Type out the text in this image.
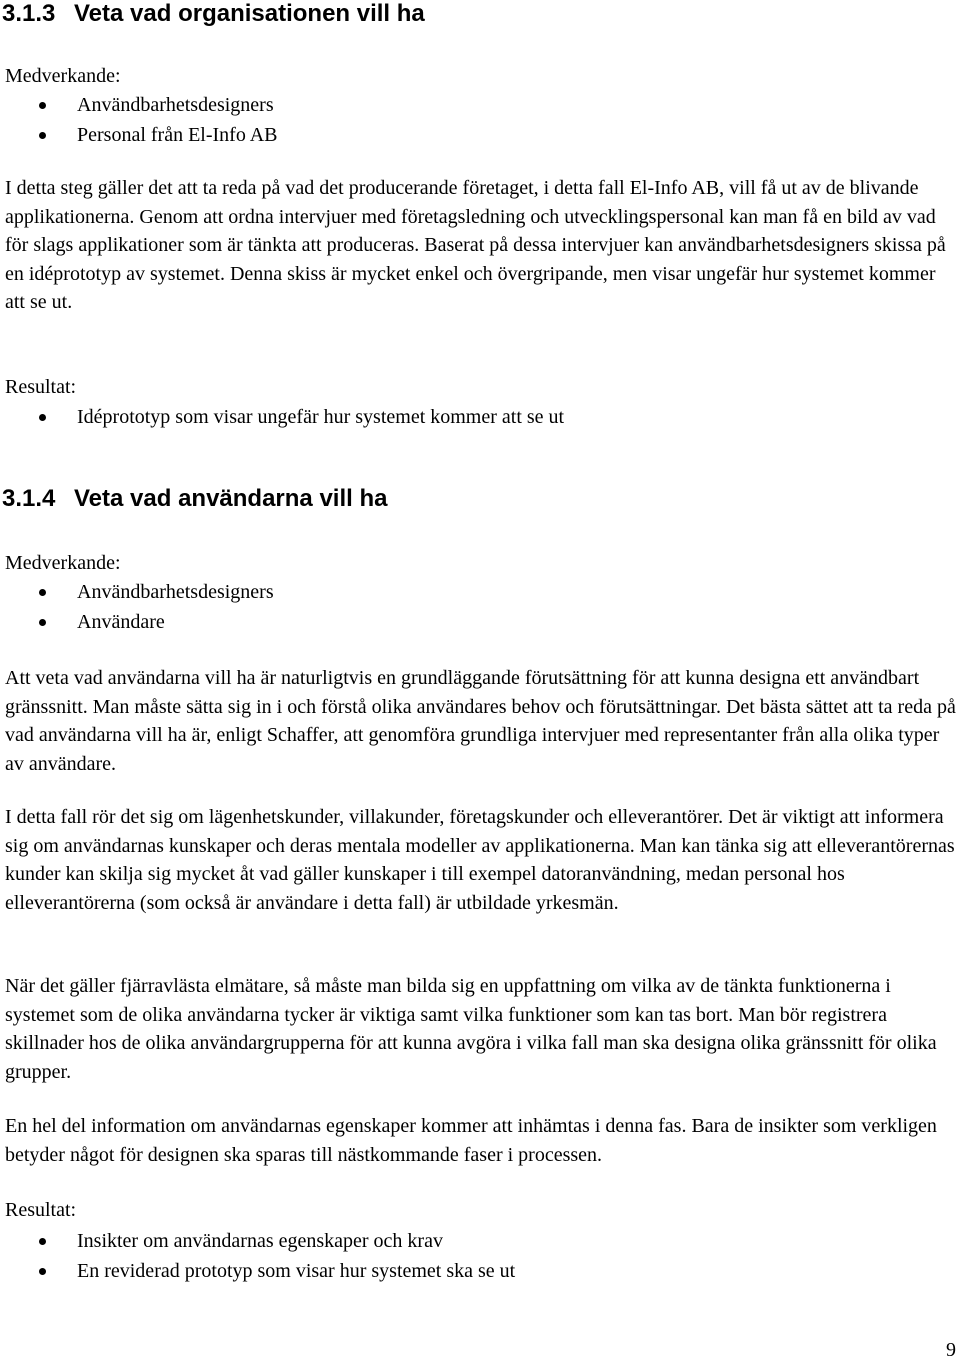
3.1.3 Veta vad organisationen vill ha

Medverkande:

Användbarhetsdesigners
Personal från El-Info AB

I detta steg gäller det att ta reda på vad det producerande företaget, i detta fall El-Info AB, vill få ut av de blivande applikationerna. Genom att ordna intervjuer med företagsledning och utvecklingspersonal kan man få en bild av vad för slags applikationer som är tänkta att produceras. Baserat på dessa intervjuer kan användbarhetsdesigners skissa på en idéprototyp av systemet. Denna skiss är mycket enkel och övergripande, men visar ungefär hur systemet kommer att se ut.

Resultat:

Idéprototyp som visar ungefär hur systemet kommer att se ut
3.1.4 Veta vad användarna vill ha

Medverkande:

Användbarhetsdesigners
Användare

Att veta vad användarna vill ha är naturligtvis en grundläggande förutsättning för att kunna designa ett användbart gränssnitt. Man måste sätta sig in i och förstå olika användares behov och förutsättningar. Det bästa sättet att ta reda på vad användarna vill ha är, enligt Schaffer, att genomföra grundliga intervjuer med representanter från alla olika typer av användare.

I detta fall rör det sig om lägenhetskunder, villakunder, företagskunder och elleverantörer. Det är viktigt att informera sig om användarnas kunskaper och deras mentala modeller av applikationerna. Man kan tänka sig att elleverantörernas kunder kan skilja sig mycket åt vad gäller kunskaper i till exempel datoranvändning, medan personal hos elleverantörerna (som också är användare i detta fall) är utbildade yrkesmän.

När det gäller fjärravlästa elmätare, så måste man bilda sig en uppfattning om vilka av de tänkta funktionerna i systemet som de olika användarna tycker är viktiga samt vilka funktioner som kan tas bort. Man bör registrera skillnader hos de olika användargrupperna för att kunna avgöra i vilka fall man ska designa olika gränssnitt för olika grupper.

En hel del information om användarnas egenskaper kommer att inhämtas i denna fas. Bara de insikter som verkligen betyder något för designen ska sparas till nästkommande faser i processen.

Resultat:

Insikter om användarnas egenskaper och krav
En reviderad prototyp som visar hur systemet ska se ut
9
